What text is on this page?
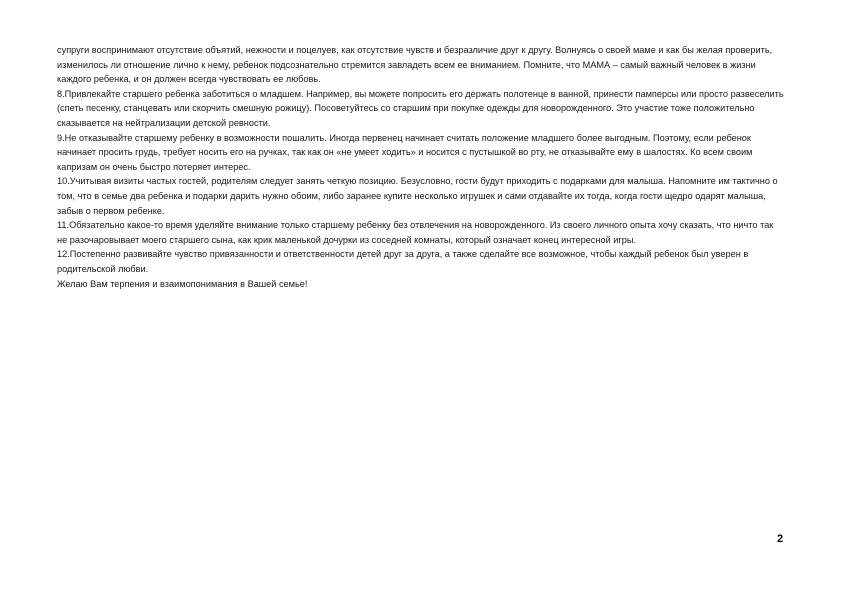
супруги воспринимают отсутствие объятий, нежности и поцелуев, как отсутствие чувств и безразличие друг к другу. Волнуясь о своей маме и как бы желая проверить, изменилось ли отношение лично к нему, ребенок подсознательно стремится завладеть всем ее вниманием. Помните, что МАМА – самый важный человек в жизни каждого ребенка, и он должен всегда чувствовать ее любовь.

8.Привлекайте старшего ребенка заботиться о младшем. Например, вы можете попросить его держать полотенце в ванной, принести памперсы или просто развеселить (спеть песенку, станцевать или скорчить смешную рожицу). Посоветуйтесь со старшим при покупке одежды для новорожденного. Это участие тоже положительно сказывается на нейтрализации детской ревности.

9.Не отказывайте старшему ребенку в возможности пошалить. Иногда первенец начинает считать положение младшего более выгодным. Поэтому, если ребенок начинает просить грудь, требует носить его на ручках, так как он «не умеет ходить» и носится с пустышкой во рту, не отказывайте ему в шалостях. Ко всем своим капризам он очень быстро потеряет интерес.

10.Учитывая визиты частых гостей, родителям следует занять четкую позицию. Безусловно, гости будут приходить с подарками для малыша. Напомните им тактично о том, что в семье два ребенка и подарки дарить нужно обоим, либо заранее купите несколько игрушек и сами отдавайте их тогда, когда гости щедро одарят малыша, забыв о первом ребенке.

11.Обязательно какое-то время уделяйте внимание только старшему ребенку без отвлечения на новорожденного. Из своего личного опыта хочу сказать, что ничто так не разочаровывает моего старшего сына, как крик маленькой дочурки из соседней комнаты, который означает конец интересной игры.

12.Постепенно развивайте чувство привязанности и ответственности детей друг за друга, а также сделайте все возможное, чтобы каждый ребенок был уверен в родительской любви.

Желаю Вам терпения и взаимопонимания в Вашей семье!

2
